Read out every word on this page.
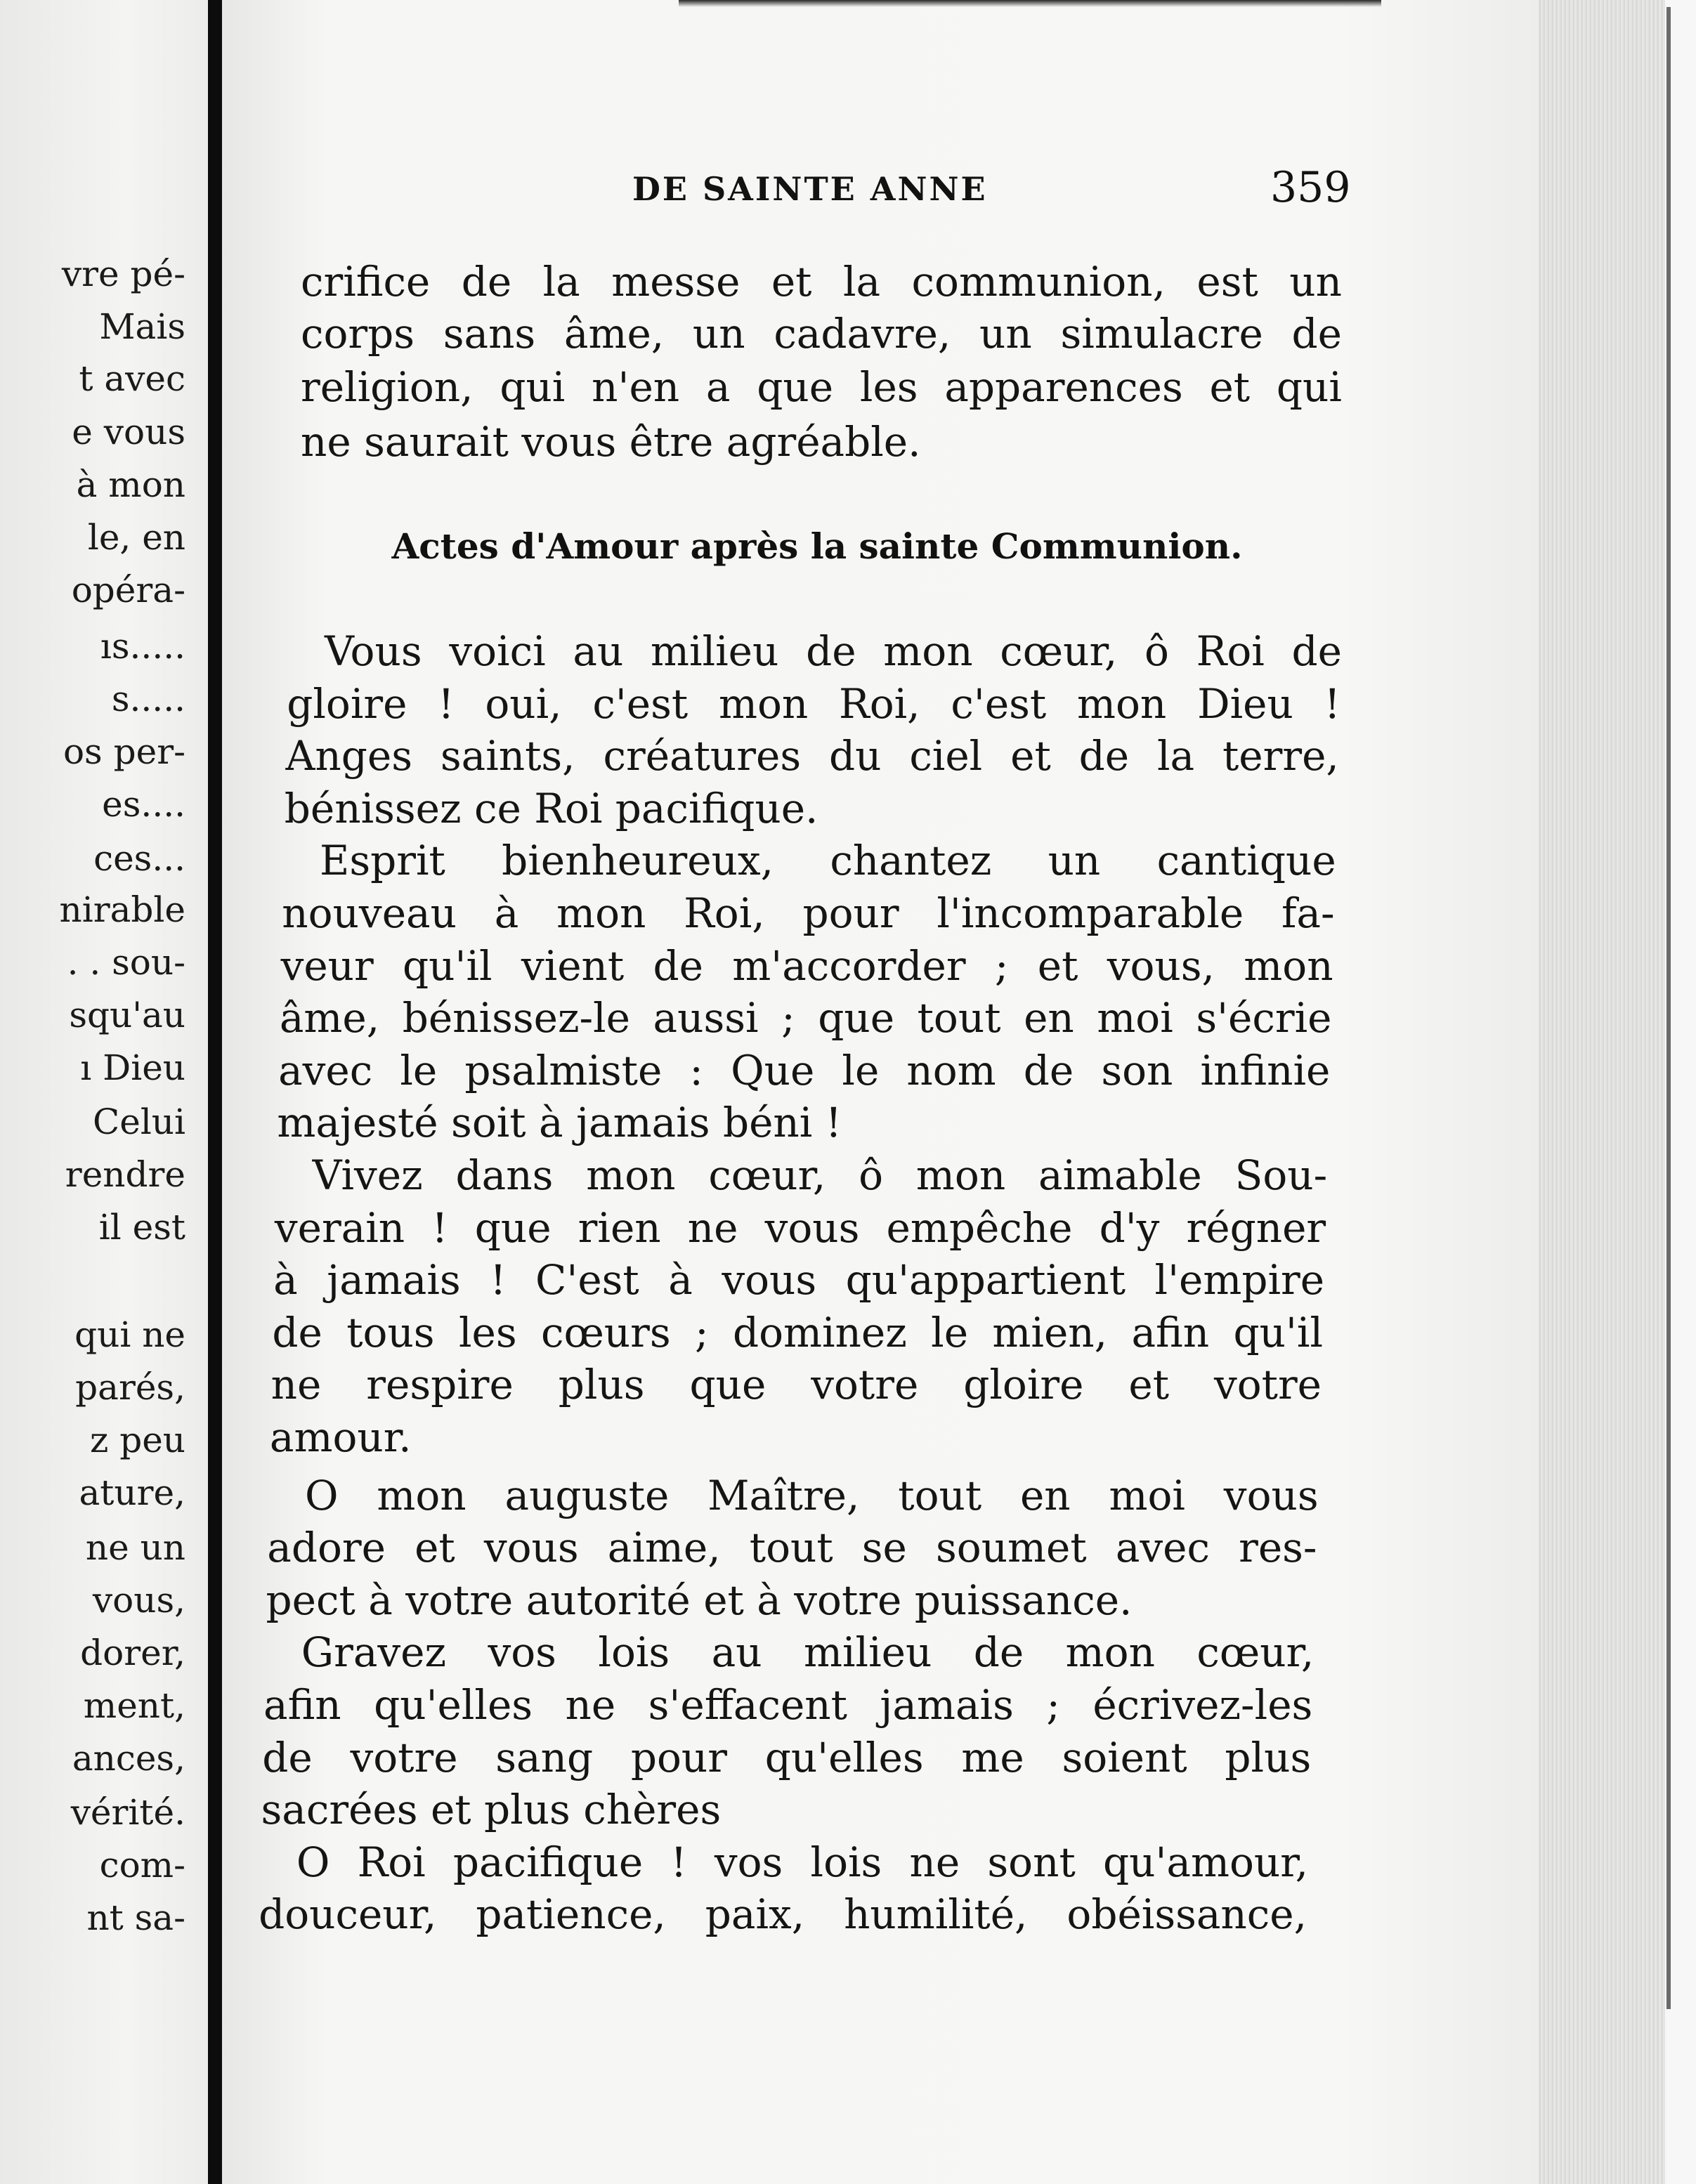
vre pé-
Mais
t avec
e vous
à mon
le, en
opéra-
ıs.....
s.....
os per-
es....
ces...
nirable
. . sou-
squ'au
ı Dieu
Celui
rendre
il est
qui ne
parés,
z peu
ature,
ne un
vous,
dorer,
ment,
ances,
vérité.
com-
nt sa-
DE SAINTE ANNE	359
crifice de la messe et la communion, est un
corps sans âme, un cadavre, un simulacre de
religion, qui n'en a que les apparences et qui
ne saurait vous être agréable.
Vous voici au milieu de mon cœur, ô Roi de
gloire ! oui, c'est mon Roi, c'est mon Dieu !
Anges saints, créatures du ciel et de la terre,
bénissez ce Roi pacifique.
Esprit bienheureux, chantez un cantique
nouveau à mon Roi, pour l'incomparable fa-
veur qu'il vient de m'accorder ; et vous, mon
âme, bénissez-le aussi ; que tout en moi s'écrie
avec le psalmiste : Que le nom de son infinie
majesté soit à jamais béni !
Vivez dans mon cœur, ô mon aimable Sou-
verain ! que rien ne vous empêche d'y régner
à jamais ! C'est à vous qu'appartient l'empire
de tous les cœurs ; dominez le mien, afin qu'il
ne respire plus que votre gloire et votre
amour.
O mon auguste Maître, tout en moi vous
adore et vous aime, tout se soumet avec res-
pect à votre autorité et à votre puissance.
Gravez vos lois au milieu de mon cœur,
afin qu'elles ne s'effacent jamais ; écrivez-les
de votre sang pour qu'elles me soient plus
sacrées et plus chères
O Roi pacifique ! vos lois ne sont qu'amour,
douceur, patience, paix, humilité, obéissance,
Actes d'Amour après la sainte Communion.
